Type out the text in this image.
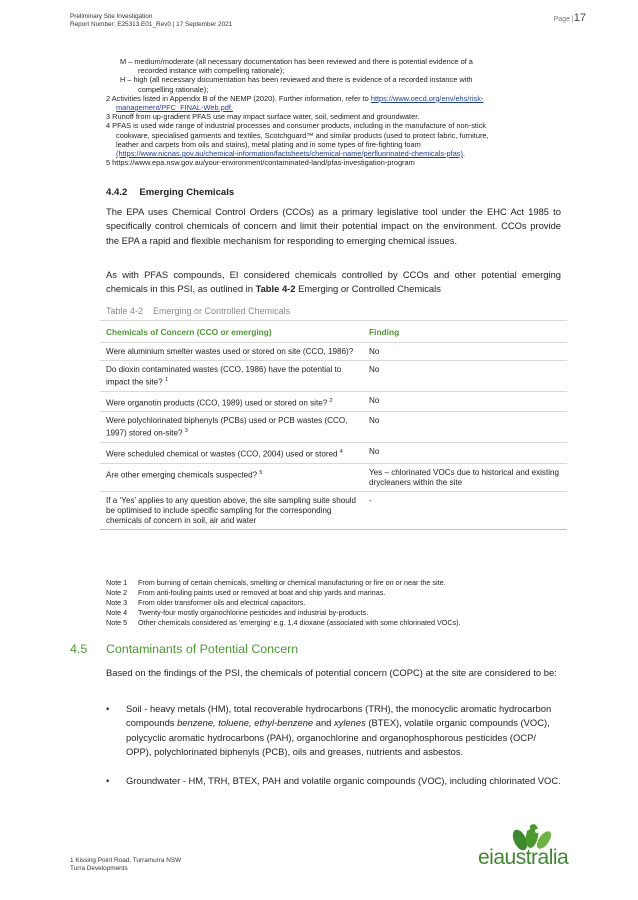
Preliminary Site Investigation
Report Number: E25313.E01_Rev0 | 17 September 2021
Page |17
M – medium/moderate (all necessary documentation has been reviewed and there is potential evidence of a
recorded instance with compelling rationale);
H – high (all necessary documentation has been reviewed and there is evidence of a recorded instance with
compelling rationale);
2 Activities listed in Appendix B of the NEMP (2020). Further information, refer to https://www.oecd.org/env/ehs/risk-
management/PFC_FINAL-Web.pdf.
3 Runoff from up-gradient PFAS use may impact surface water, soil, sediment and groundwater.
4 PFAS is used wide range of industrial processes and consumer products, including in the manufacture of non-stick
cookware, specialised garments and textiles, Scotchguard™ and similar products (used to protect fabric, furniture,
leather and carpets from oils and stains), metal plating and in some types of fire-fighting foam
(https://www.nicnas.gov.au/chemical-information/factsheets/chemical-name/perfluorinated-chemicals-pfas).
5 https://www.epa.nsw.gov.au/your-environment/contaminated-land/pfas-investigation-program
4.4.2 Emerging Chemicals
The EPA uses Chemical Control Orders (CCOs) as a primary legislative tool under the EHC Act 1985 to specifically control chemicals of concern and limit their potential impact on the environment. CCOs provide the EPA a rapid and flexible mechanism for responding to emerging chemical issues.
As with PFAS compounds, EI considered chemicals controlled by CCOs and other potential emerging chemicals in this PSI, as outlined in Table 4-2 Emerging or Controlled Chemicals
Table 4-2 Emerging or Controlled Chemicals
Chemicals of Concern (CCO or emerging)	Finding
Were aluminium smelter wastes used or stored on site (CCO, 1986)?	No
Do dioxin contaminated wastes (CCO, 1986) have the potential to impact the site? $^1$	No
Were organotin products (CCO, 1989) used or stored on site? $^2$	No
Were polychlorinated biphenyls (PCBs) used or PCB wastes (CCO, 1997) stored on-site? $^3$	No
Were scheduled chemical or wastes (CCO, 2004) used or stored $^4$	No
Are other emerging chemicals suspected? $^5$	Yes – chlorinated VOCs due to historical and existing drycleaners within the site
If a ‘Yes’ applies to any question above, the site sampling suite should be optimised to include specific sampling for the corresponding chemicals of concern in soil, air and water	-
Note 1 From burning of certain chemicals, smelting or chemical manufacturing or fire on or near the site.
Note 2 From anti-fouling paints used or removed at boat and ship yards and marinas.
Note 3 From older transformer oils and electrical capacitors.
Note 4 Twenty-four mostly organochlorine pesticides and industrial by-products.
Note 5 Other chemicals considered as ‘emerging’ e.g. 1,4 dioxane (associated with some chlorinated VOCs).
4.5 Contaminants of Potential Concern
Based on the findings of the PSI, the chemicals of potential concern (COPC) at the site are considered to be:
• Soil - heavy metals (HM), total recoverable hydrocarbons (TRH), the monocyclic aromatic hydrocarbon compounds benzene, toluene, ethyl-benzene and xylenes (BTEX), volatile organic compounds (VOC), polycyclic aromatic hydrocarbons (PAH), organochlorine and organophosphorous pesticides (OCP/ OPP), polychlorinated biphenyls (PCB), oils and greases, nutrients and asbestos.
• Groundwater - HM, TRH, BTEX, PAH and volatile organic compounds (VOC), including chlorinated VOC.
1 Kissing Point Road, Turramurra NSW
Turra Developments	eiaustralia
